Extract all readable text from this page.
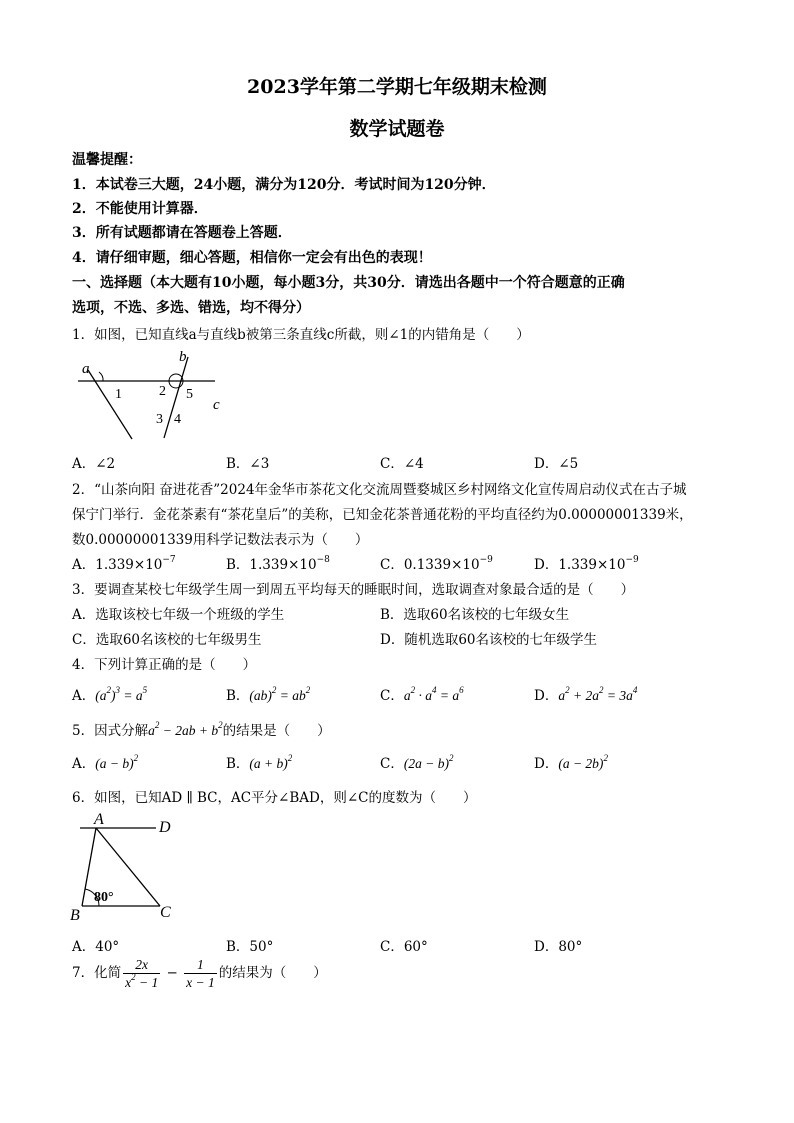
2023学年第二学期七年级期末检测
数学试题卷
温馨提醒：
1．本试卷三大题，24小题，满分为120分．考试时间为120分钟．
2．不能使用计算器．
3．所有试题都请在答题卷上答题．
4．请仔细审题，细心答题，相信你一定会有出色的表现！
一、选择题（本大题有10小题，每小题3分，共30分．请选出各题中一个符合题意的正确
选项，不选、多选、错选，均不得分）
1．如图，已知直线a与直线b被第三条直线c所截，则∠1的内错角是（　　）
a
b
c
1	2
3 4
5
A．∠2	B．∠3	C．∠4	D．∠5
2．“山茶向阳 奋进花香”2024年金华市茶花文化交流周暨婺城区乡村网络文化宣传周启动仪式在古子城
保宁门举行．金花茶素有“茶花皇后”的美称，已知金花茶普通花粉的平均直径约为0.00000001339米，
数0.00000001339用科学记数法表示为（　　）
A．$1.339\times 10^{-7}$	B．$1.339\times 10^{-8}$	C．$0.1339\times 10^{-9}$	D．$1.339\times 10^{-9}$
3．要调查某校七年级学生周一到周五平均每天的睡眠时间，选取调查对象最合适的是（　　）
A．选取该校七年级一个班级的学生	B．选取60名该校的七年级女生
C．选取60名该校的七年级男生	D．随机选取60名该校的七年级学生
4．下列计算正确的是（　　）
A．$(a^2)^3 = a^5$	B．$(ab)^2 = ab^2$	C．$a^2 \cdot a^4 = a^6$	D．$a^2 + 2a^2 = 3a^4$
5．因式分解$a^2 - 2ab + b^2$的结果是（　　）
A．$(a - b)^2$	B．$(a + b)^2$	C．$(2a - b)^2$	D．$(a - 2b)^2$
6．如图，已知AD ∥ BC，AC平分∠BAD，则∠C的度数为（　　）
A	D
B	C
80°
A．40°	B．50°	C．60°	D．80°
7．化简 $\frac{2x}{x^2 - 1} - \frac{1}{x - 1}$ 的结果为（　　）
